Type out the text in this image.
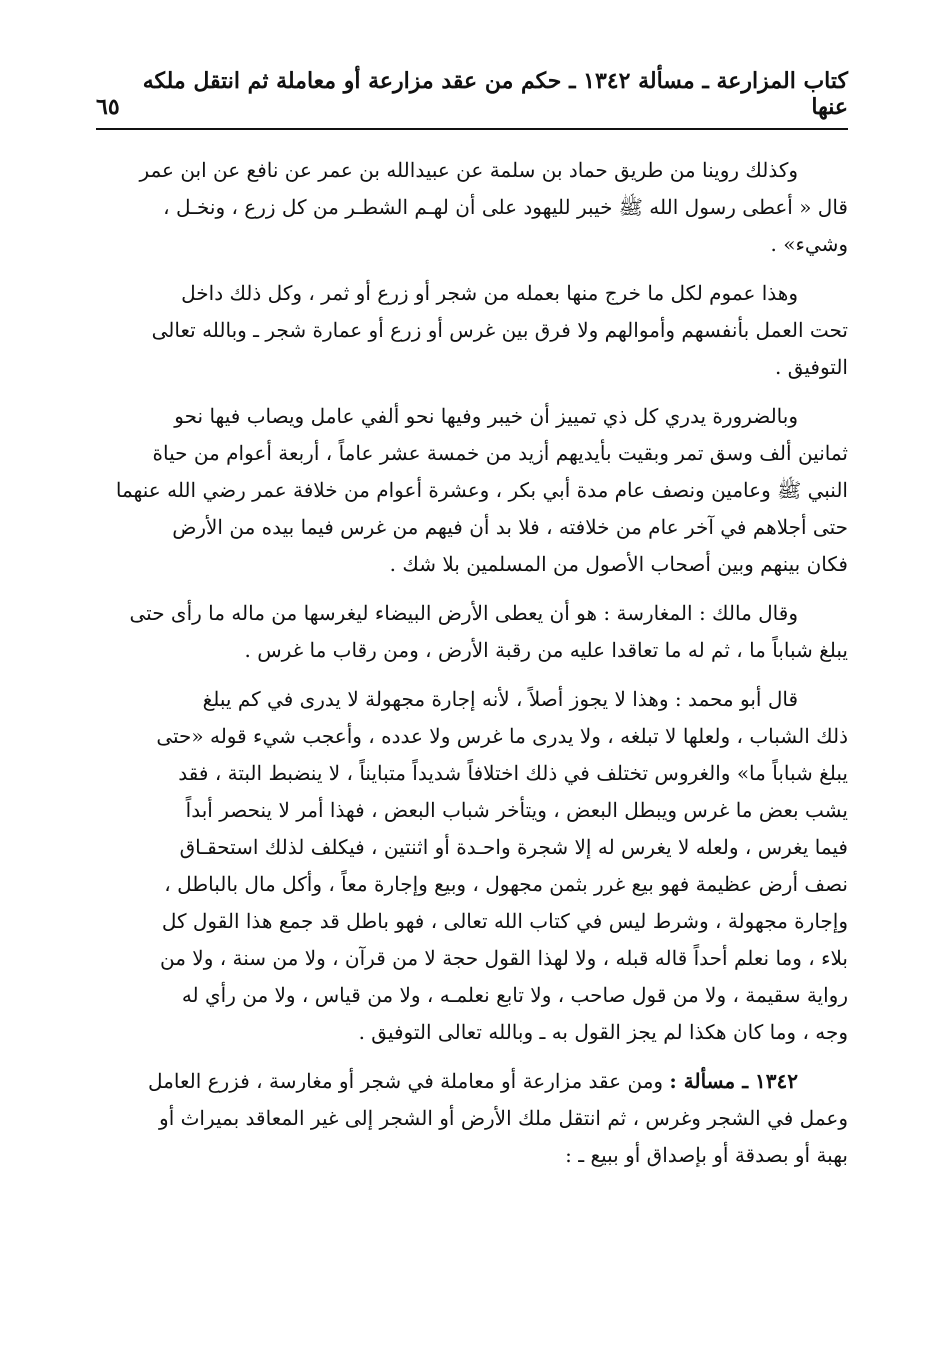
كتاب المزارعة ـ مسألة ١٣٤٢ ـ حكم من عقد مزارعة أو معاملة ثم انتقل ملكه عنها
٦٥

وكذلك روينا من طريق حماد بن سلمة عن عبيدالله بن عمر عن نافع عن ابن عمر
قال « أعطى رسول الله ﷺ خيبر لليهود على أن لهـم الشطـر من كل زرع ، ونخـل ،
وشيء» .

وهذا عموم لكل ما خرج منها بعمله من شجر أو زرع أو ثمر ، وكل ذلك داخل
تحت العمل بأنفسهم وأموالهم ولا فرق بين غرس أو زرع أو عمارة شجر ـ وبالله تعالى
التوفيق .

وبالضرورة يدري كل ذي تمييز أن خيبر وفيها نحو ألفي عامل ويصاب فيها نحو
ثمانين ألف وسق تمر وبقيت بأيديهم أزيد من خمسة عشر عاماً ، أربعة أعوام من حياة
النبي ﷺ وعامين ونصف عام مدة أبي بكر ، وعشرة أعوام من خلافة عمر رضي الله عنهما
حتى أجلاهم في آخر عام من خلافته ، فلا بد أن فيهم من غرس فيما بيده من الأرض
فكان بينهم وبين أصحاب الأصول من المسلمين بلا شك .

وقال مالك : المغارسة : هو أن يعطى الأرض البيضاء ليغرسها من ماله ما رأى حتى
يبلغ شباباً ما ، ثم له ما تعاقدا عليه من رقبة الأرض ، ومن رقاب ما غرس .

قال أبو محمد : وهذا لا يجوز أصلاً ، لأنه إجارة مجهولة لا يدرى في كم يبلغ
ذلك الشباب ، ولعلها لا تبلغه ، ولا يدرى ما غرس ولا عدده ، وأعجب شيء قوله «حتى
يبلغ شباباً ما» والغروس تختلف في ذلك اختلافاً شديداً متبايناً ، لا ينضبط البتة ، فقد
يشب بعض ما غرس ويبطل البعض ، ويتأخر شباب البعض ، فهذا أمر لا ينحصر أبداً
فيما يغرس ، ولعله لا يغرس له إلا شجرة واحـدة أو اثنتين ، فيكلف لذلك استحقـاق
نصف أرض عظيمة فهو بيع غرر بثمن مجهول ، وبيع وإجارة معاً ، وأكل مال بالباطل ،
وإجارة مجهولة ، وشرط ليس في كتاب الله تعالى ، فهو باطل قد جمع هذا القول كل
بلاء ، وما نعلم أحداً قاله قبله ، ولا لهذا القول حجة لا من قرآن ، ولا من سنة ، ولا من
رواية سقيمة ، ولا من قول صاحب ، ولا تابع نعلمـه ، ولا من قياس ، ولا من رأي له
وجه ، وما كان هكذا لم يجز القول به ـ وبالله تعالى التوفيق .

١٣٤٢ ـ مسألة : ومن عقد مزارعة أو معاملة في شجر أو مغارسة ، فزرع العامل
وعمل في الشجر وغرس ، ثم انتقل ملك الأرض أو الشجر إلى غير المعاقد بميراث أو
بهبة أو بصدقة أو بإصداق أو ببيع ـ :
